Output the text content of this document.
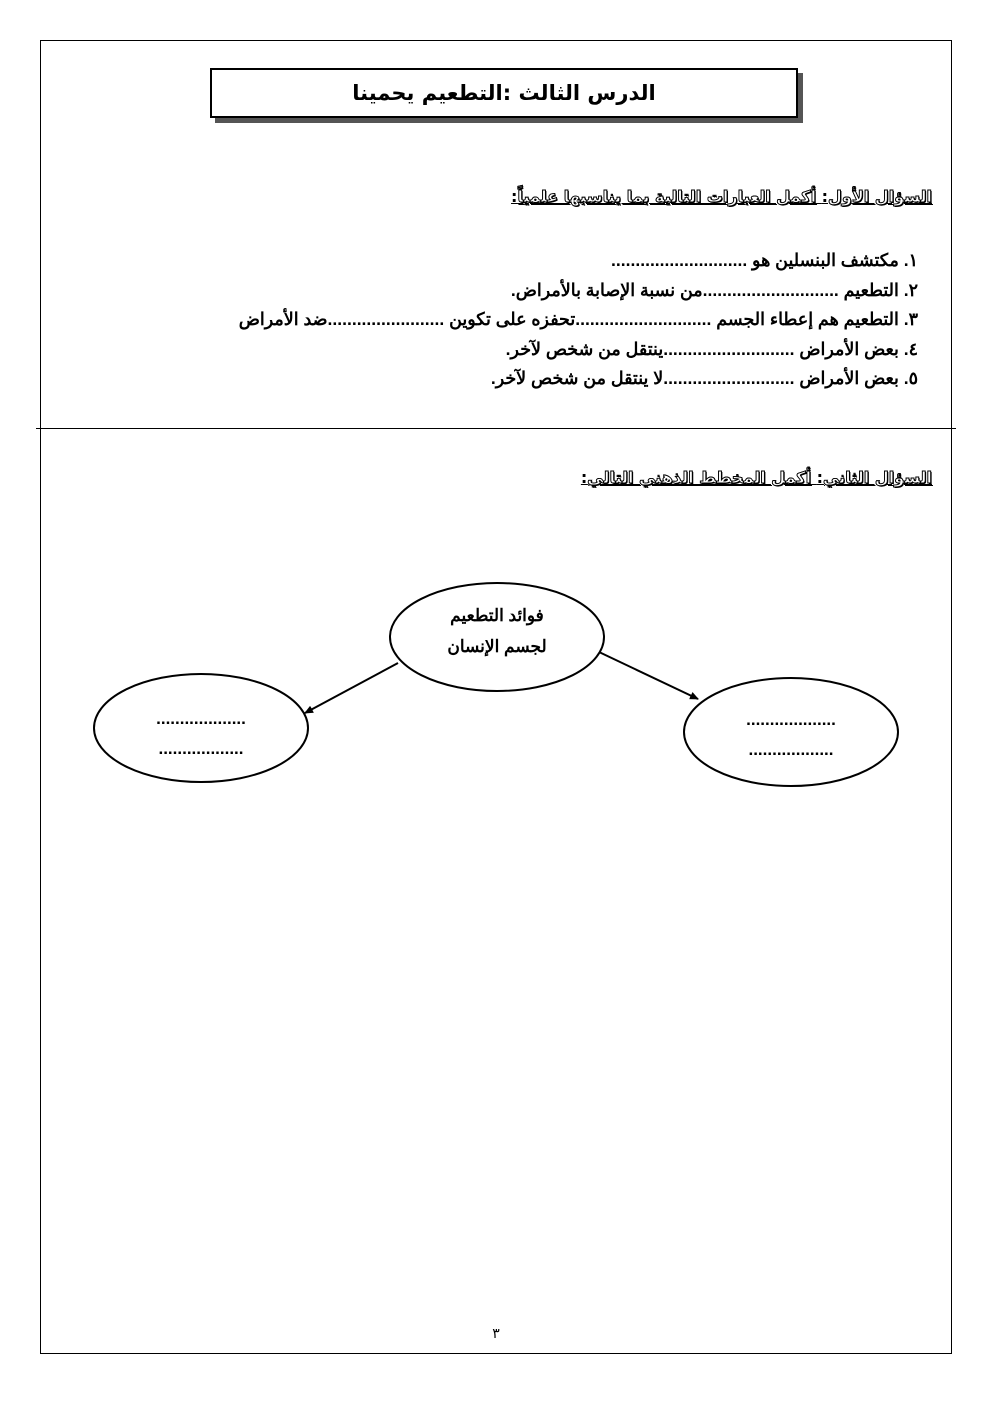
الدرس الثالث :التطعيم يحمينا
السؤال الأول: أكمل العبارات التالية بما يناسبها علمياً:
١. مكتشف البنسلين هو ............................
٢. التطعيم ............................من نسبة الإصابة بالأمراض.
٣. التطعيم هم إعطاء الجسم ............................تحفزه على تكوين ........................ضد الأمراض
٤. بعض الأمراض ...........................ينتقل من شخص لآخر.
٥. بعض الأمراض ...........................لا ينتقل من شخص لآخر.
السؤال الثاني: أكمل المخطط الذهني التالي:
فوائد التطعيم
لجسم الإنسان
...................
..................
...................
..................
٣
